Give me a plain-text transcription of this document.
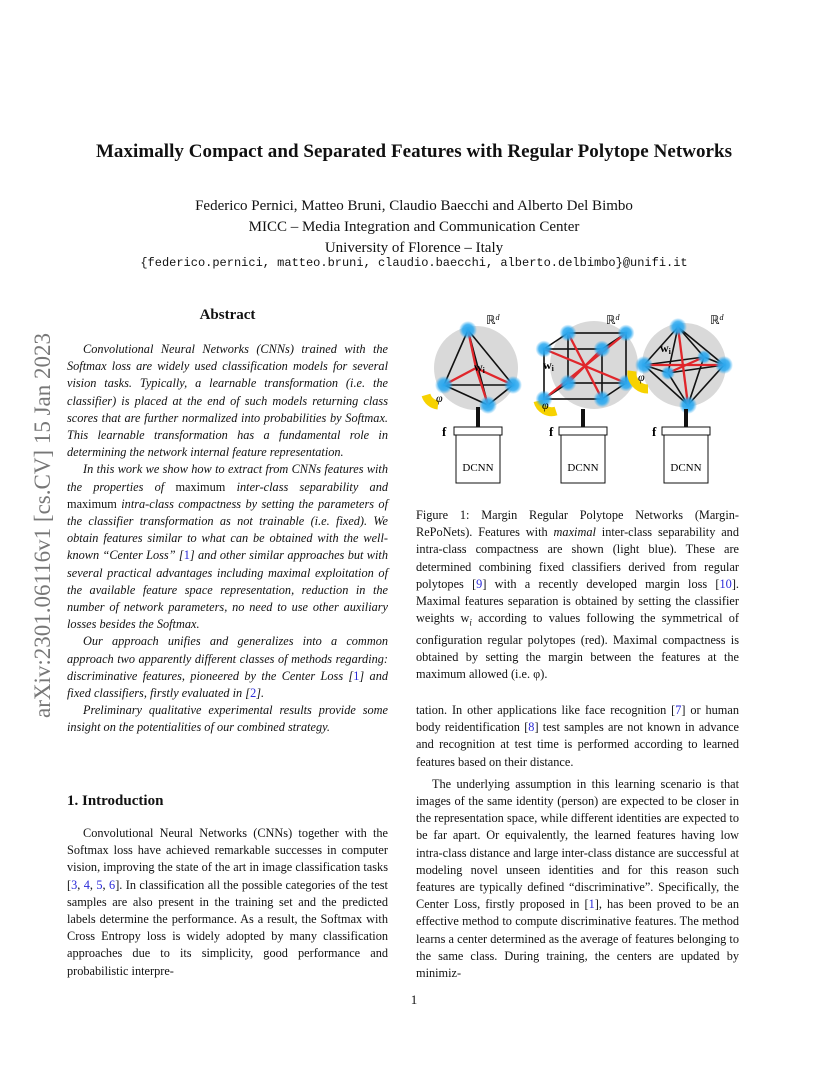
arXiv:2301.06116v1 [cs.CV] 15 Jan 2023
Maximally Compact and Separated Features with Regular Polytope Networks
Federico Pernici, Matteo Bruni, Claudio Baecchi and Alberto Del Bimbo
MICC – Media Integration and Communication Center
University of Florence – Italy
{federico.pernici, matteo.bruni, claudio.baecchi, alberto.delbimbo}@unifi.it
Abstract

Convolutional Neural Networks (CNNs) trained with the Softmax loss are widely used classification models for several vision tasks. Typically, a learnable transformation (i.e. the classifier) is placed at the end of such models returning class scores that are further normalized into probabilities by Softmax. This learnable transformation has a fundamental role in determining the network internal feature representation.

In this work we show how to extract from CNNs features with the properties of maximum inter-class separability and maximum intra-class compactness by setting the parameters of the classifier transformation as not trainable (i.e. fixed). We obtain features similar to what can be obtained with the well-known “Center Loss” [1] and other similar approaches but with several practical advantages including maximal exploitation of the available feature space representation, reduction in the number of network parameters, no need to use other auxiliary losses besides the Softmax.

Our approach unifies and generalizes into a common approach two apparently different classes of methods regarding: discriminative features, pioneered by the Center Loss [1] and fixed classifiers, firstly evaluated in [2].

Preliminary qualitative experimental results provide some insight on the potentialities of our combined strategy.

1. Introduction

Convolutional Neural Networks (CNNs) together with the Softmax loss have achieved remarkable successes in computer vision, improving the state of the art in image classification tasks [3, 4, 5, 6]. In classification all the possible categories of the test samples are also present in the training set and the predicted labels determine the performance. As a result, the Softmax with Cross Entropy loss is widely adopted by many classification approaches due to its simplicity, good performance and probabilistic interpre-

DCNN
f
wi
φ
ℝ$^d$
DCNN
f
wi
φ
ℝ$^d$
DCNN
f
wi
φ
ℝ$^d$
Figure 1: Margin Regular Polytope Networks (Margin-RePoNets). Features with maximal inter-class separability and intra-class compactness are shown (light blue). These are determined combining fixed classifiers derived from regular polytopes [9] with a recently developed margin loss [10]. Maximal features separation is obtained by setting the classifier weights $w_i$ according to values following the symmetrical of configuration regular polytopes (red). Maximal compactness is obtained by setting the margin between the features at the maximum allowed (i.e. φ).

tation. In other applications like face recognition [7] or human body reidentification [8] test samples are not known in advance and recognition at test time is performed according to learned features based on their distance.

The underlying assumption in this learning scenario is that images of the same identity (person) are expected to be closer in the representation space, while different identities are expected to be far apart. Or equivalently, the learned features having low intra-class distance and large inter-class distance are successful at modeling novel unseen identities and for this reason such features are typically defined “discriminative”. Specifically, the Center Loss, firstly proposed in [1], has been proved to be an effective method to compute discriminative features. The method learns a center determined as the average of features belonging to the same class. During training, the centers are updated by minimiz-

1
